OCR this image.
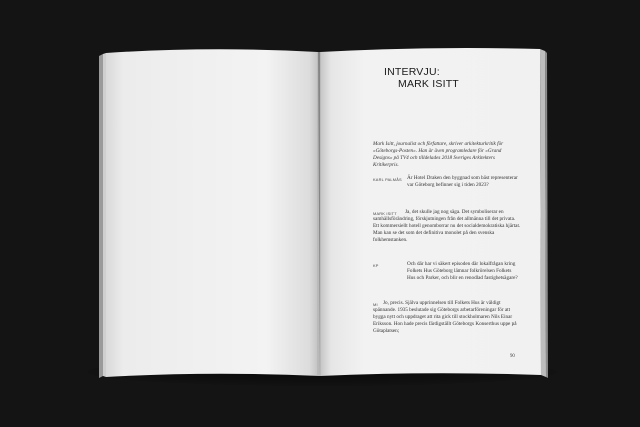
INTERVJU:
MARK ISITT
Mark Isitt, journalist och författare, skriver arkitekturkritik för »Göteborgs-Posten«. Han är även programledare för »Grand Designs« på TV4 och tilldelades 2018 Sveriges Arkitekters Kritikerpris.
KARL PALMÅS Är Hotel Draken den byggnad som bäst representerar var Göteborg befinner sig i tiden 2023?
MARK ISITT	Ja, det skulle jag nog säga. Det symboliserar en samhällsförändring, förskjutningen från det allmänna till det privata. Ett kommersiellt hotell genomborrar nu det socialdemokratiska hjärtat. Man kan se det som det definitiva monolet på den svenska folkhemstanken.
KP	Och där har vi säkert episoden där lokalfrågan kring Folkets Hus Göteborg lämnar folkrörelsen Folkets Hus och Parker, och blir en renodlad fastighetsägare?
MI	Jo, precis. Själva upprinnelsen till Folkets Hus är väldigt spännande. 1935 beslutade sig Göteborgs arbetarföreningar för att bygga nytt och uppdraget att rita gick till stockholmaren Nils Einar Eriksson. Hon hade precis färdigställt Göteborgs Konserthus uppe på Götaplatsen;
90
